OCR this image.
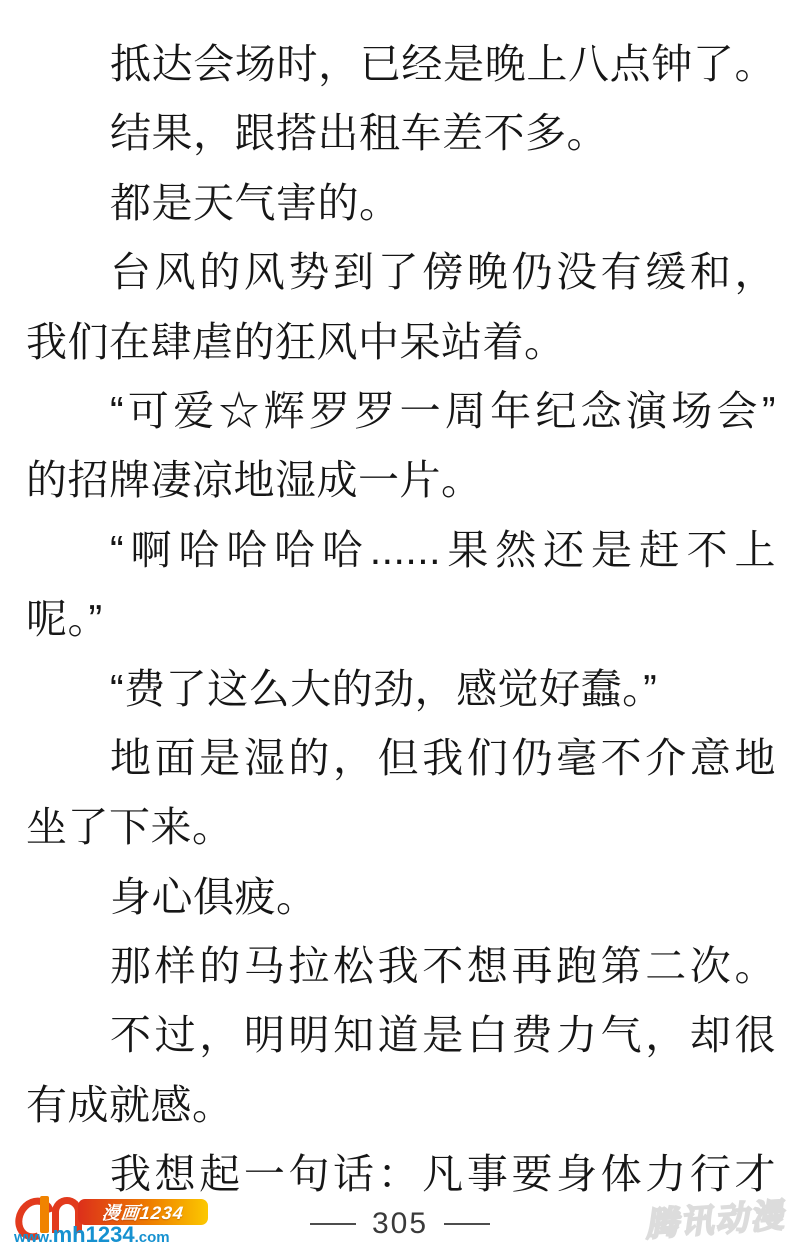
抵达会场时，已经是晚上八点钟了。
结果，跟搭出租车差不多。
都是天气害的。
台风的风势到了傍晚仍没有缓和，
我们在肆虐的狂风中呆站着。
“可爱☆辉罗罗一周年纪念演场会”
的招牌凄凉地湿成一片。
“啊哈哈哈哈......果然还是赶不上
呢。”
“费了这么大的劲，感觉好蠢。”
地面是湿的，但我们仍毫不介意地
坐了下来。
身心俱疲。
那样的马拉松我不想再跑第二次。
不过，明明知道是白费力气，却很
有成就感。
我想起一句话：凡事要身体力行才
漫画1234
www.mh1234.com	305	腾讯动漫
